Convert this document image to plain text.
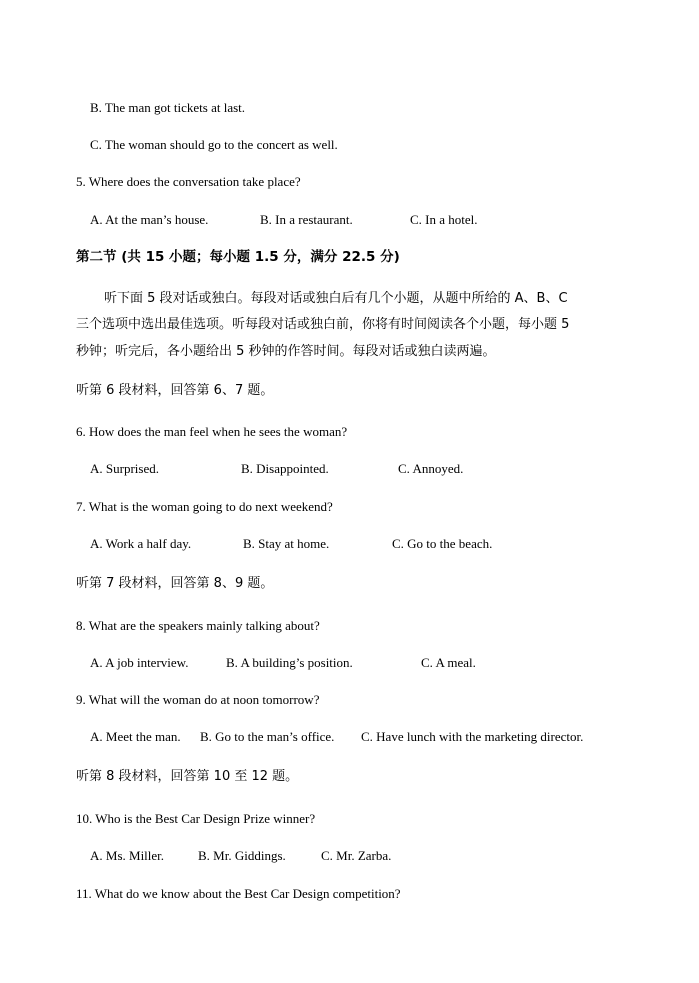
B. The man got tickets at last.
C. The woman should go to the concert as well.
5. Where does the conversation take place?
A. At the man’s house.	B. In a restaurant.	C. In a hotel.
第二节 (共 15 小题；每小题 1.5 分，满分 22.5 分)
听下面 5 段对话或独白。每段对话或独白后有几个小题，从题中所给的 A、B、C
三个选项中选出最佳选项。听每段对话或独白前，你将有时间阅读各个小题，每小题 5
秒钟；听完后，各小题给出 5 秒钟的作答时间。每段对话或独白读两遍。
听第 6 段材料，回答第 6、7 题。
6. How does the man feel when he sees the woman?
A. Surprised.	B. Disappointed.	C. Annoyed.
7. What is the woman going to do next weekend?
A. Work a half day.	B. Stay at home.	C. Go to the beach.
听第 7 段材料，回答第 8、9 题。
8. What are the speakers mainly talking about?
A. A job interview.	B. A building’s position.	C. A meal.
9. What will the woman do at noon tomorrow?
A. Meet the man. B. Go to the man’s office. C. Have lunch with the marketing director.
听第 8 段材料，回答第 10 至 12 题。
10. Who is the Best Car Design Prize winner?
A. Ms. Miller.	B. Mr. Giddings.	C. Mr. Zarba.
11. What do we know about the Best Car Design competition?
